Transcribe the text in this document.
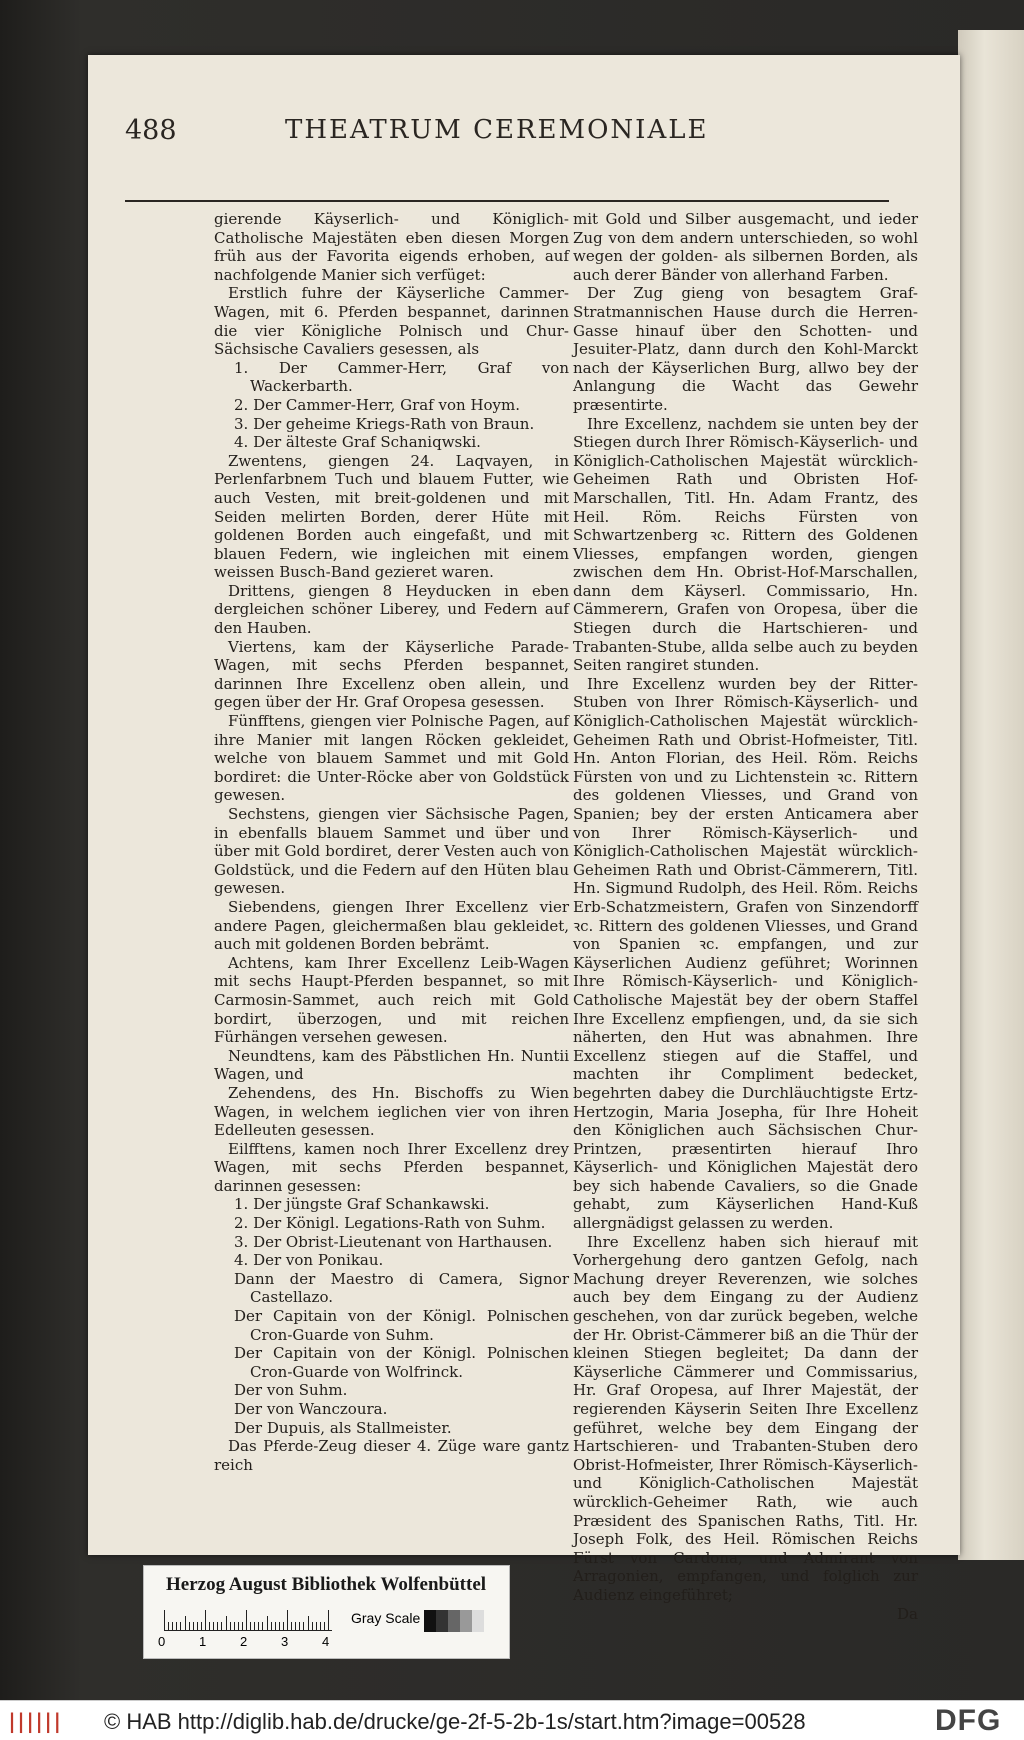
488	THEATRUM CEREMONIALE

gierende Käyserlich- und Königlich-Catholische Majestäten eben diesen Morgen früh aus der Favorita eigends erhoben, auf nachfolgende Manier sich verfüget:

Erstlich fuhre der Käyserliche Cammer-Wagen, mit 6. Pferden bespannet, darinnen die vier Königliche Polnisch und Chur-Sächsische Cavaliers gesessen, als

1. Der Cammer-Herr, Graf von Wackerbarth.

2. Der Cammer-Herr, Graf von Hoym.

3. Der geheime Kriegs-Rath von Braun.

4. Der älteste Graf Schaniqwski.

Zwentens, giengen 24. Laqvayen, in Perlenfarbnem Tuch und blauem Futter, wie auch Vesten, mit breit-goldenen und mit Seiden melirten Borden, derer Hüte mit goldenen Borden auch eingefaßt, und mit blauen Federn, wie ingleichen mit einem weissen Busch-Band gezieret waren.

Drittens, giengen 8 Heyducken in eben dergleichen schöner Liberey, und Federn auf den Hauben.

Viertens, kam der Käyserliche Parade-Wagen, mit sechs Pferden bespannet, darinnen Ihre Excellenz oben allein, und gegen über der Hr. Graf Oropesa gesessen.

Fünfftens, giengen vier Polnische Pagen, auf ihre Manier mit langen Röcken gekleidet, welche von blauem Sammet und mit Gold bordiret: die Unter-Röcke aber von Goldstück gewesen.

Sechstens, giengen vier Sächsische Pagen, in ebenfalls blauem Sammet und über und über mit Gold bordiret, derer Vesten auch von Goldstück, und die Federn auf den Hüten blau gewesen.

Siebendens, giengen Ihrer Excellenz vier andere Pagen, gleichermaßen blau gekleidet, auch mit goldenen Borden bebrämt.

Achtens, kam Ihrer Excellenz Leib-Wagen mit sechs Haupt-Pferden bespannet, so mit Carmosin-Sammet, auch reich mit Gold bordirt, überzogen, und mit reichen Fürhängen versehen gewesen.

Neundtens, kam des Päbstlichen Hn. Nuntii Wagen, und

Zehendens, des Hn. Bischoffs zu Wien Wagen, in welchem ieglichen vier von ihren Edelleuten gesessen.

Eilfftens, kamen noch Ihrer Excellenz drey Wagen, mit sechs Pferden bespannet, darinnen gesessen:

1. Der jüngste Graf Schankawski.

2. Der Königl. Legations-Rath von Suhm.

3. Der Obrist-Lieutenant von Harthausen.

4. Der von Ponikau.

Dann der Maestro di Camera, Signor Castellazo.

Der Capitain von der Königl. Polnischen Cron-Guarde von Suhm.

Der Capitain von der Königl. Polnischen Cron-Guarde von Wolfrinck.

Der von Suhm.

Der von Wanczoura.

Der Dupuis, als Stallmeister.

Das Pferde-Zeug dieser 4. Züge ware gantz reich

mit Gold und Silber ausgemacht, und ieder Zug von dem andern unterschieden, so wohl wegen der golden- als silbernen Borden, als auch derer Bänder von allerhand Farben.

Der Zug gieng von besagtem Graf-Stratmannischen Hause durch die Herren-Gasse hinauf über den Schotten- und Jesuiter-Platz, dann durch den Kohl-Marckt nach der Käyserlichen Burg, allwo bey der Anlangung die Wacht das Gewehr præsentirte.

Ihre Excellenz, nachdem sie unten bey der Stiegen durch Ihrer Römisch-Käyserlich- und Königlich-Catholischen Majestät würcklich-Geheimen Rath und Obristen Hof-Marschallen, Titl. Hn. Adam Frantz, des Heil. Röm. Reichs Fürsten von Schwartzenberg ꝛc. Rittern des Goldenen Vliesses, empfangen worden, giengen zwischen dem Hn. Obrist-Hof-Marschallen, dann dem Käyserl. Commissario, Hn. Cämmerern, Grafen von Oropesa, über die Stiegen durch die Hartschieren- und Trabanten-Stube, allda selbe auch zu beyden Seiten rangiret stunden.

Ihre Excellenz wurden bey der Ritter-Stuben von Ihrer Römisch-Käyserlich- und Königlich-Catholischen Majestät würcklich-Geheimen Rath und Obrist-Hofmeister, Titl. Hn. Anton Florian, des Heil. Röm. Reichs Fürsten von und zu Lichtenstein ꝛc. Rittern des goldenen Vliesses, und Grand von Spanien; bey der ersten Anticamera aber von Ihrer Römisch-Käyserlich- und Königlich-Catholischen Majestät würcklich-Geheimen Rath und Obrist-Cämmerern, Titl. Hn. Sigmund Rudolph, des Heil. Röm. Reichs Erb-Schatzmeistern, Grafen von Sinzendorff ꝛc. Rittern des goldenen Vliesses, und Grand von Spanien ꝛc. empfangen, und zur Käyserlichen Audienz geführet; Worinnen Ihre Römisch-Käyserlich- und Königlich-Catholische Majestät bey der obern Staffel Ihre Excellenz empfiengen, und, da sie sich näherten, den Hut was abnahmen. Ihre Excellenz stiegen auf die Staffel, und machten ihr Compliment bedecket, begehrten dabey die Durchläuchtigste Ertz-Hertzogin, Maria Josepha, für Ihre Hoheit den Königlichen auch Sächsischen Chur-Printzen, præsentirten hierauf Ihro Käyserlich- und Königlichen Majestät dero bey sich habende Cavaliers, so die Gnade gehabt, zum Käyserlichen Hand-Kuß allergnädigst gelassen zu werden.

Ihre Excellenz haben sich hierauf mit Vorhergehung dero gantzen Gefolg, nach Machung dreyer Reverenzen, wie solches auch bey dem Eingang zu der Audienz geschehen, von dar zurück begeben, welche der Hr. Obrist-Cämmerer biß an die Thür der kleinen Stiegen begleitet; Da dann der Käyserliche Cämmerer und Commissarius, Hr. Graf Oropesa, auf Ihrer Majestät, der regierenden Käyserin Seiten Ihre Excellenz geführet, welche bey dem Eingang der Hartschieren- und Trabanten-Stuben dero Obrist-Hofmeister, Ihrer Römisch-Käyserlich- und Königlich-Catholischen Majestät würcklich-Geheimer Rath, wie auch Præsident des Spanischen Raths, Titl. Hr. Joseph Folk, des Heil. Römischen Reichs Fürst von Cardona, und Admirant von Arragonien, empfangen, und folglich zur Audienz eingeführet;

Da

Herzog August Bibliothek Wolfenbüttel
0	1	2	3	4
Gray Scale
|||||| © HAB http://diglib.hab.de/drucke/ge-2f-5-2b-1s/start.htm?image=00528	DFG
